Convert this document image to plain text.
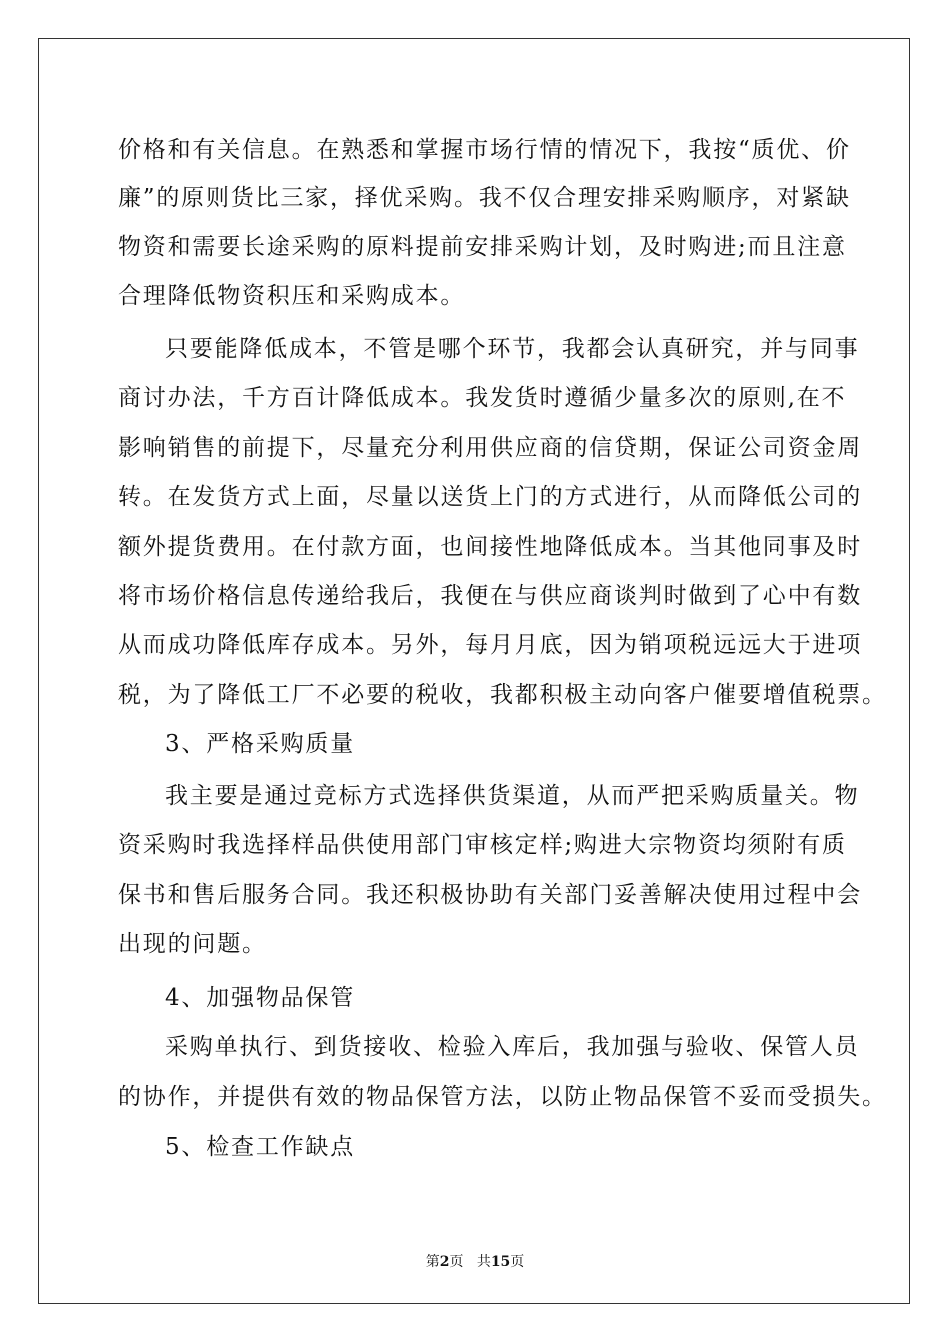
价格和有关信息。在熟悉和掌握市场行情的情况下，我按“质优、价
廉”的原则货比三家，择优采购。我不仅合理安排采购顺序，对紧缺
物资和需要长途采购的原料提前安排采购计划，及时购进;而且注意
合理降低物资积压和采购成本。
只要能降低成本，不管是哪个环节，我都会认真研究，并与同事
商讨办法，千方百计降低成本。我发货时遵循少量多次的原则,在不
影响销售的前提下，尽量充分利用供应商的信贷期，保证公司资金周
转。在发货方式上面，尽量以送货上门的方式进行，从而降低公司的
额外提货费用。在付款方面，也间接性地降低成本。当其他同事及时
将市场价格信息传递给我后，我便在与供应商谈判时做到了心中有数
从而成功降低库存成本。另外，每月月底，因为销项税远远大于进项
税，为了降低工厂不必要的税收，我都积极主动向客户催要增值税票。
3、严格采购质量
我主要是通过竞标方式选择供货渠道，从而严把采购质量关。物
资采购时我选择样品供使用部门审核定样;购进大宗物资均须附有质
保书和售后服务合同。我还积极协助有关部门妥善解决使用过程中会
出现的问题。
4、加强物品保管
采购单执行、到货接收、检验入库后，我加强与验收、保管人员
的协作，并提供有效的物品保管方法，以防止物品保管不妥而受损失。
5、检查工作缺点
第2页 共15页
